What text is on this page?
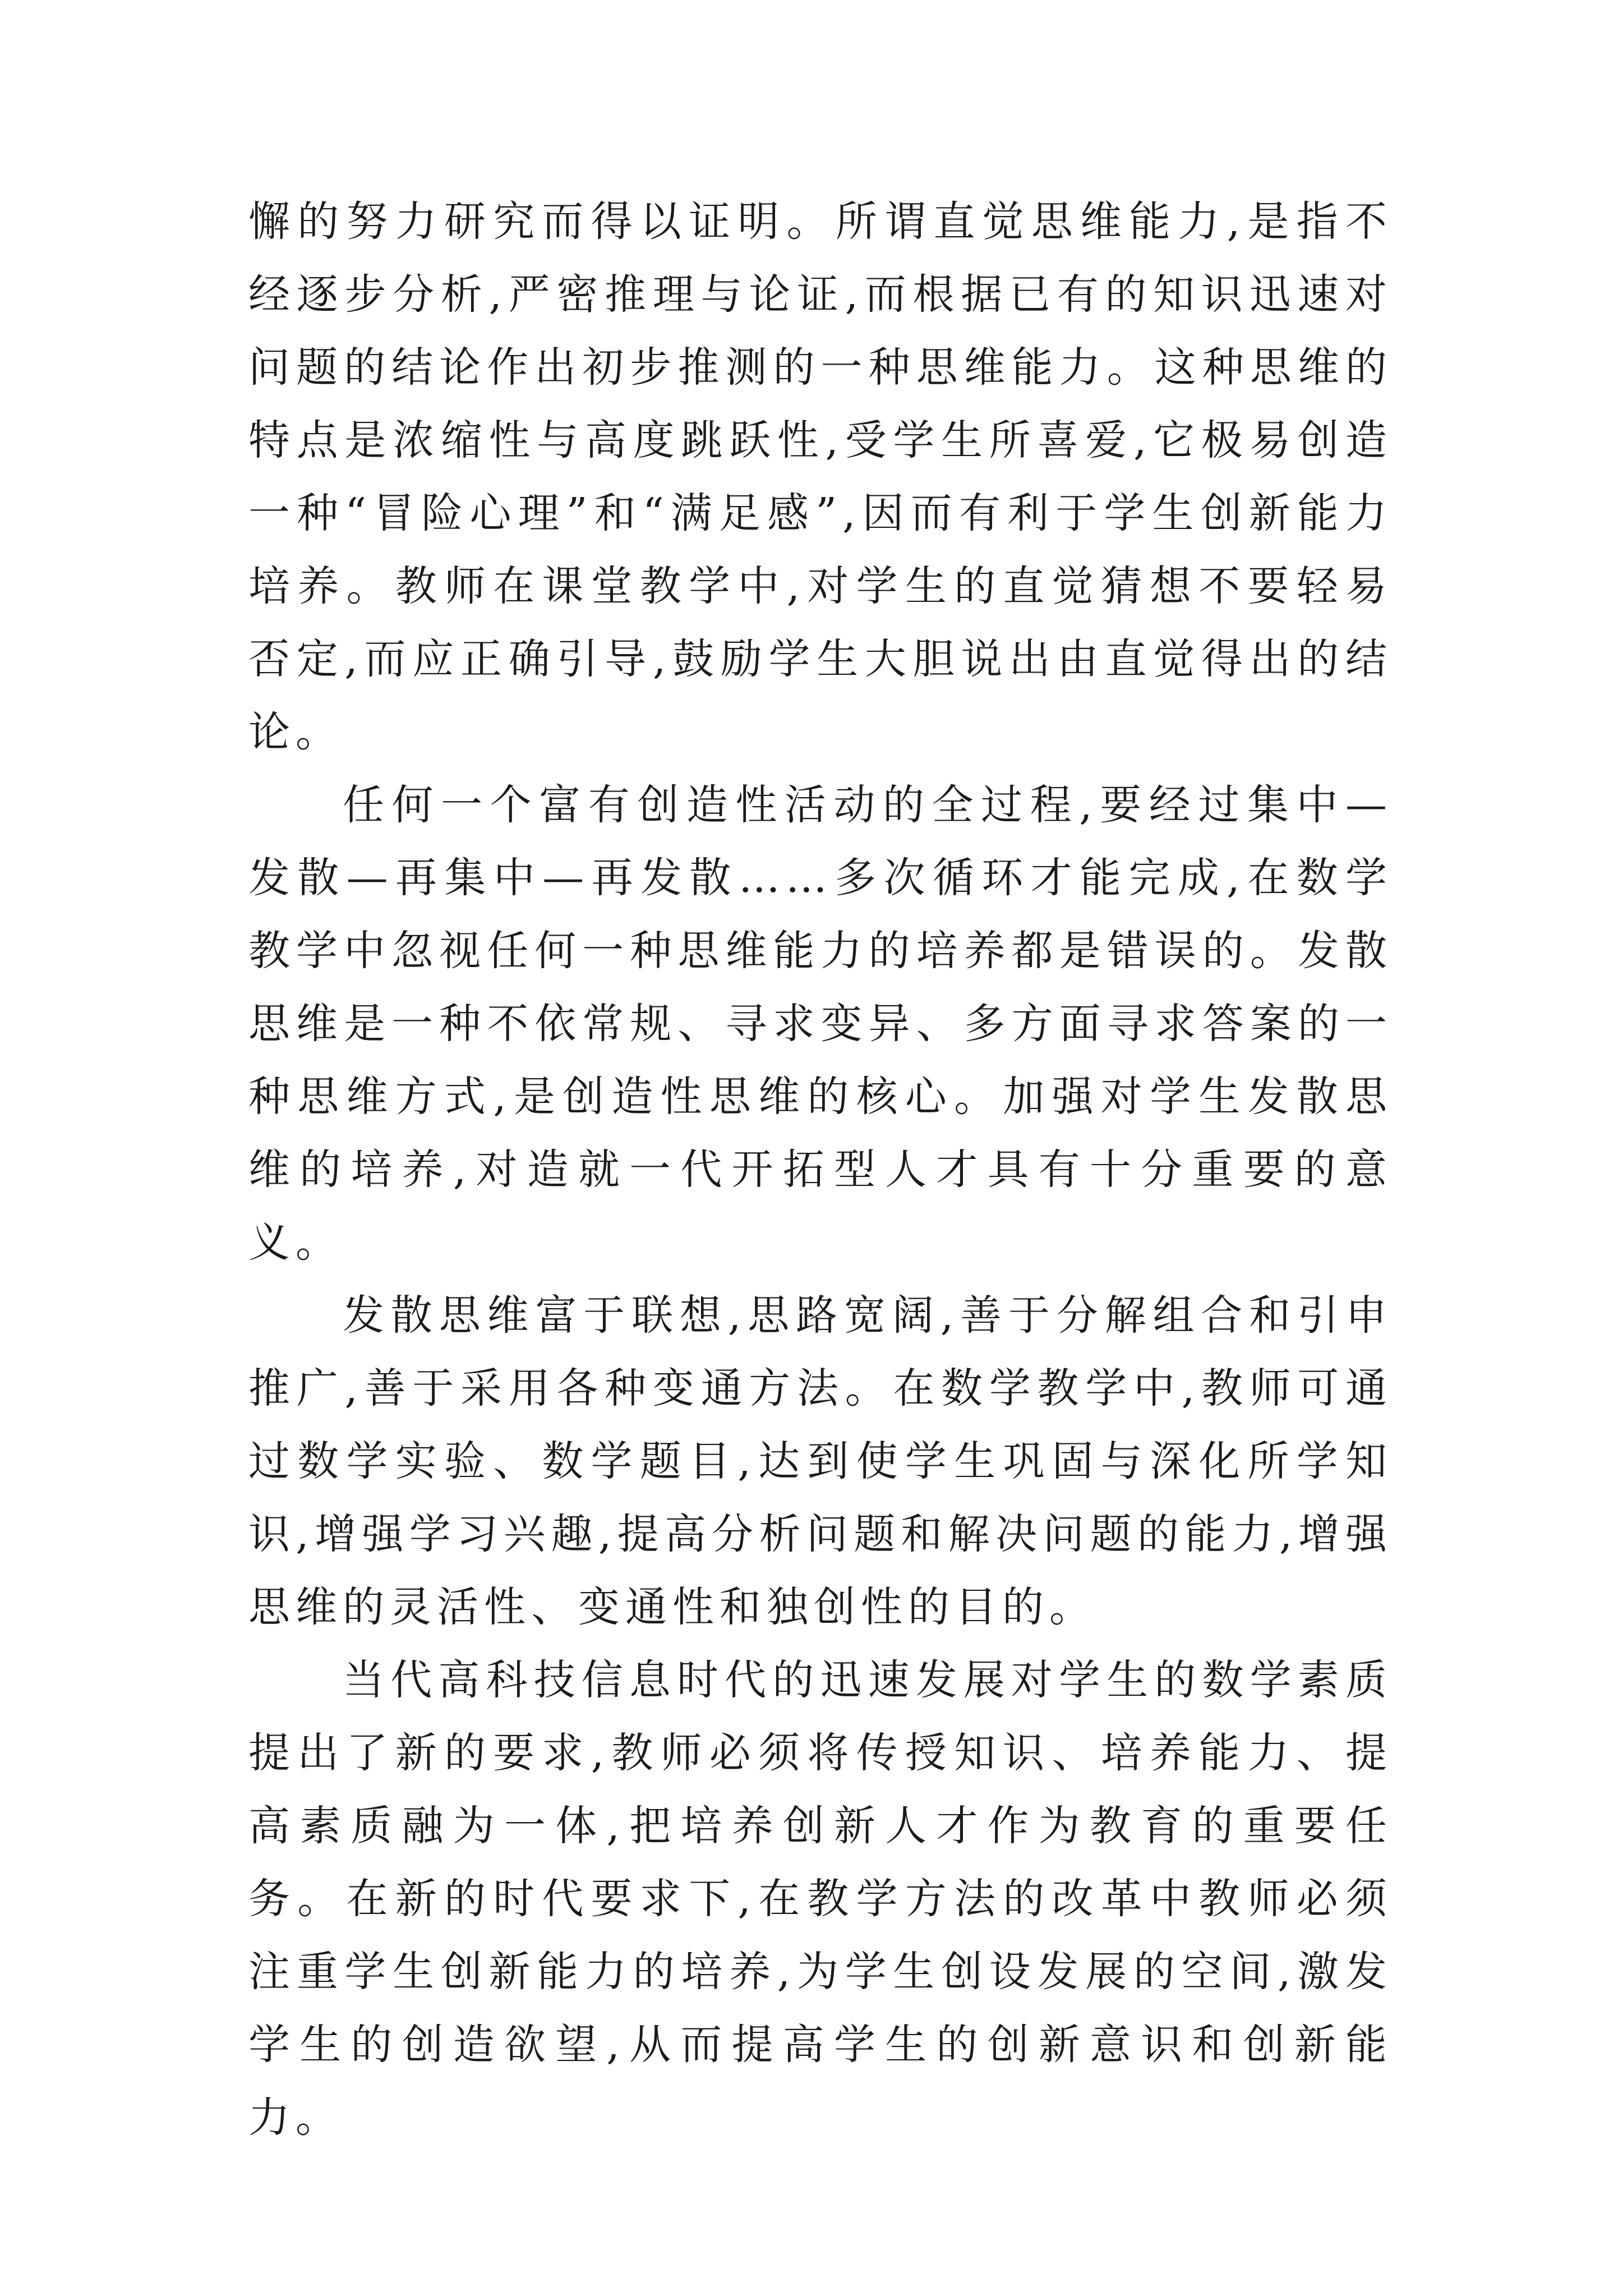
懈的努力研究而得以证明。所谓直觉思维能力,是指不经逐步分析,严密推理与论证,而根据已有的知识迅速对问题的结论作出初步推测的一种思维能力。这种思维的特点是浓缩性与高度跳跃性,受学生所喜爱,它极易创造一种“冒险心理”和“满足感”,因而有利于学生创新能力培养。教师在课堂教学中,对学生的直觉猜想不要轻易否定,而应正确引导,鼓励学生大胆说出由直觉得出的结论。

任何一个富有创造性活动的全过程,要经过集中—发散—再集中—再发散……多次循环才能完成,在数学教学中忽视任何一种思维能力的培养都是错误的。发散思维是一种不依常规、寻求变异、多方面寻求答案的一种思维方式,是创造性思维的核心。加强对学生发散思维的培养,对造就一代开拓型人才具有十分重要的意义。

发散思维富于联想,思路宽阔,善于分解组合和引申推广,善于采用各种变通方法。在数学教学中,教师可通过数学实验、数学题目,达到使学生巩固与深化所学知识,增强学习兴趣,提高分析问题和解决问题的能力,增强思维的灵活性、变通性和独创性的目的。

当代高科技信息时代的迅速发展对学生的数学素质提出了新的要求,教师必须将传授知识、培养能力、提高素质融为一体,把培养创新人才作为教育的重要任务。在新的时代要求下,在教学方法的改革中教师必须注重学生创新能力的培养,为学生创设发展的空间,激发学生的创造欲望,从而提高学生的创新意识和创新能力。
